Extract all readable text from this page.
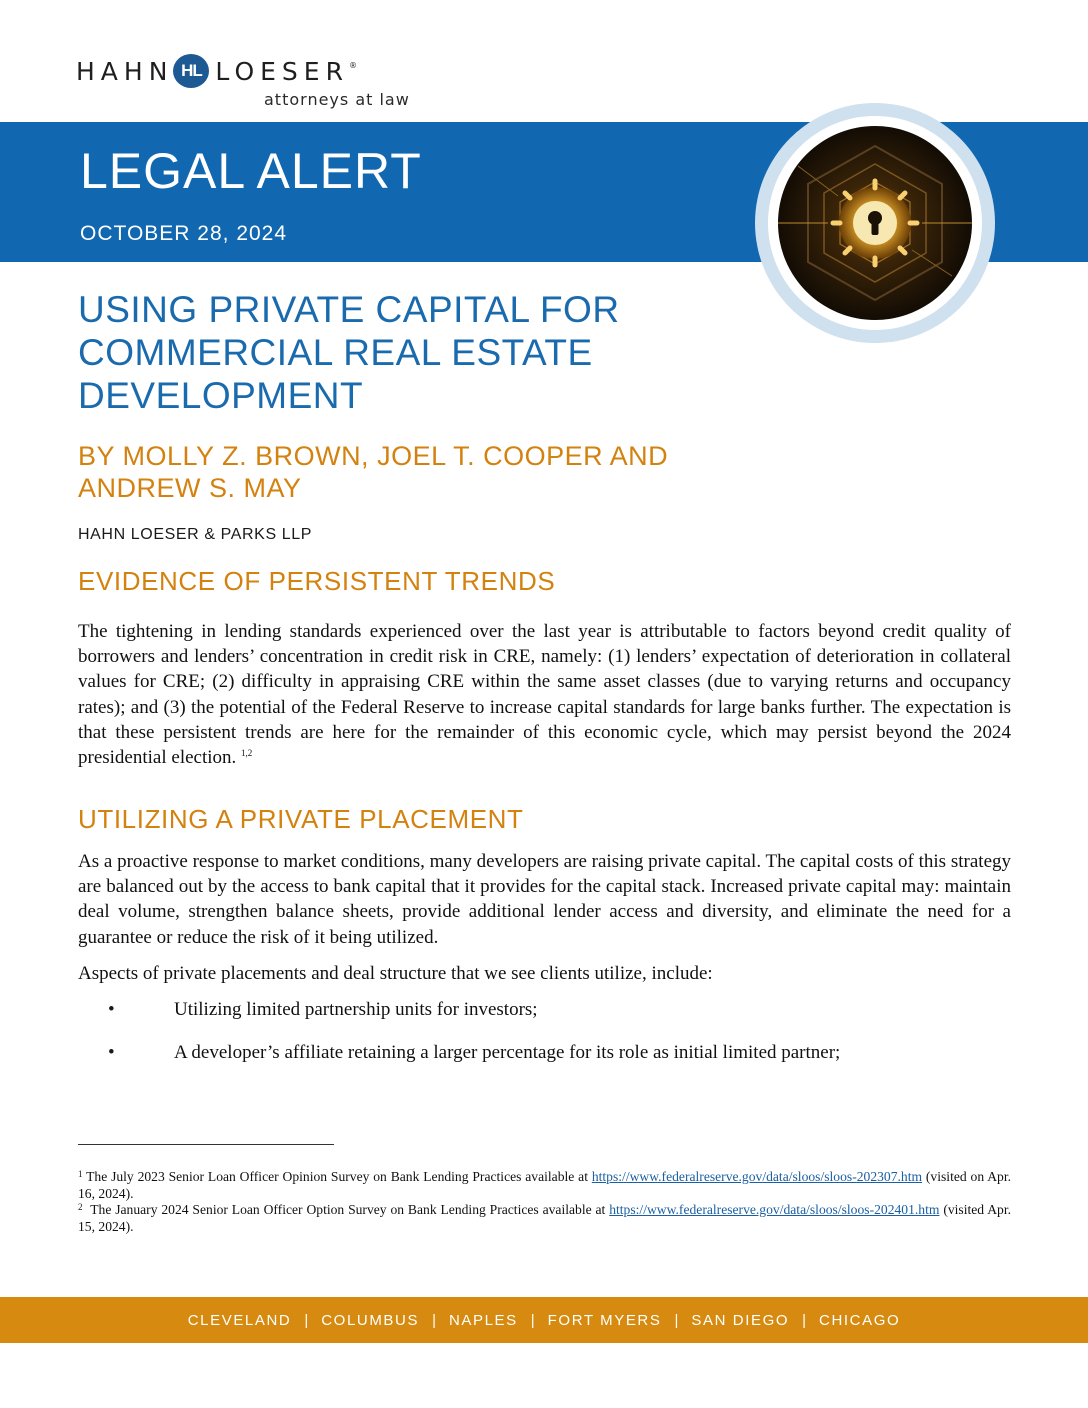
HAHN HL LOESER ®
attorneys at law
LEGAL ALERT
OCTOBER 28, 2024
USING PRIVATE CAPITAL FOR COMMERCIAL REAL ESTATE DEVELOPMENT
BY MOLLY Z. BROWN, JOEL T. COOPER AND ANDREW S. MAY
HAHN LOESER & PARKS LLP
EVIDENCE OF PERSISTENT TRENDS

The tightening in lending standards experienced over the last year is attributable to factors beyond credit quality of borrowers and lenders’ concentration in credit risk in CRE, namely: (1) lenders’ expectation of deterioration in collateral values for CRE; (2) difficulty in appraising CRE within the same asset classes (due to varying returns and occupancy rates); and (3) the potential of the Federal Reserve to increase capital standards for large banks further. The expectation is that these persistent trends are here for the remainder of this economic cycle, which may persist beyond the 2024 presidential election. $^{1,2}$

UTILIZING A PRIVATE PLACEMENT

As a proactive response to market conditions, many developers are raising private capital. The capital costs of this strategy are balanced out by the access to bank capital that it provides for the capital stack. Increased private capital may: maintain deal volume, strengthen balance sheets, provide additional lender access and diversity, and eliminate the need for a guarantee or reduce the risk of it being utilized.

Aspects of private placements and deal structure that we see clients utilize, include:

•	Utilizing limited partnership units for investors;
•	A developer’s affiliate retaining a larger percentage for its role as initial limited partner;
$^1$ The July 2023 Senior Loan Officer Opinion Survey on Bank Lending Practices available at https://www.federalreserve.gov/data/sloos/sloos-202307.htm (visited on Apr. 16, 2024).
$^2$ The January 2024 Senior Loan Officer Option Survey on Bank Lending Practices available at https://www.federalreserve.gov/data/sloos/sloos-202401.htm (visited Apr. 15, 2024).
CLEVELAND | COLUMBUS | NAPLES | FORT MYERS | SAN DIEGO | CHICAGO
